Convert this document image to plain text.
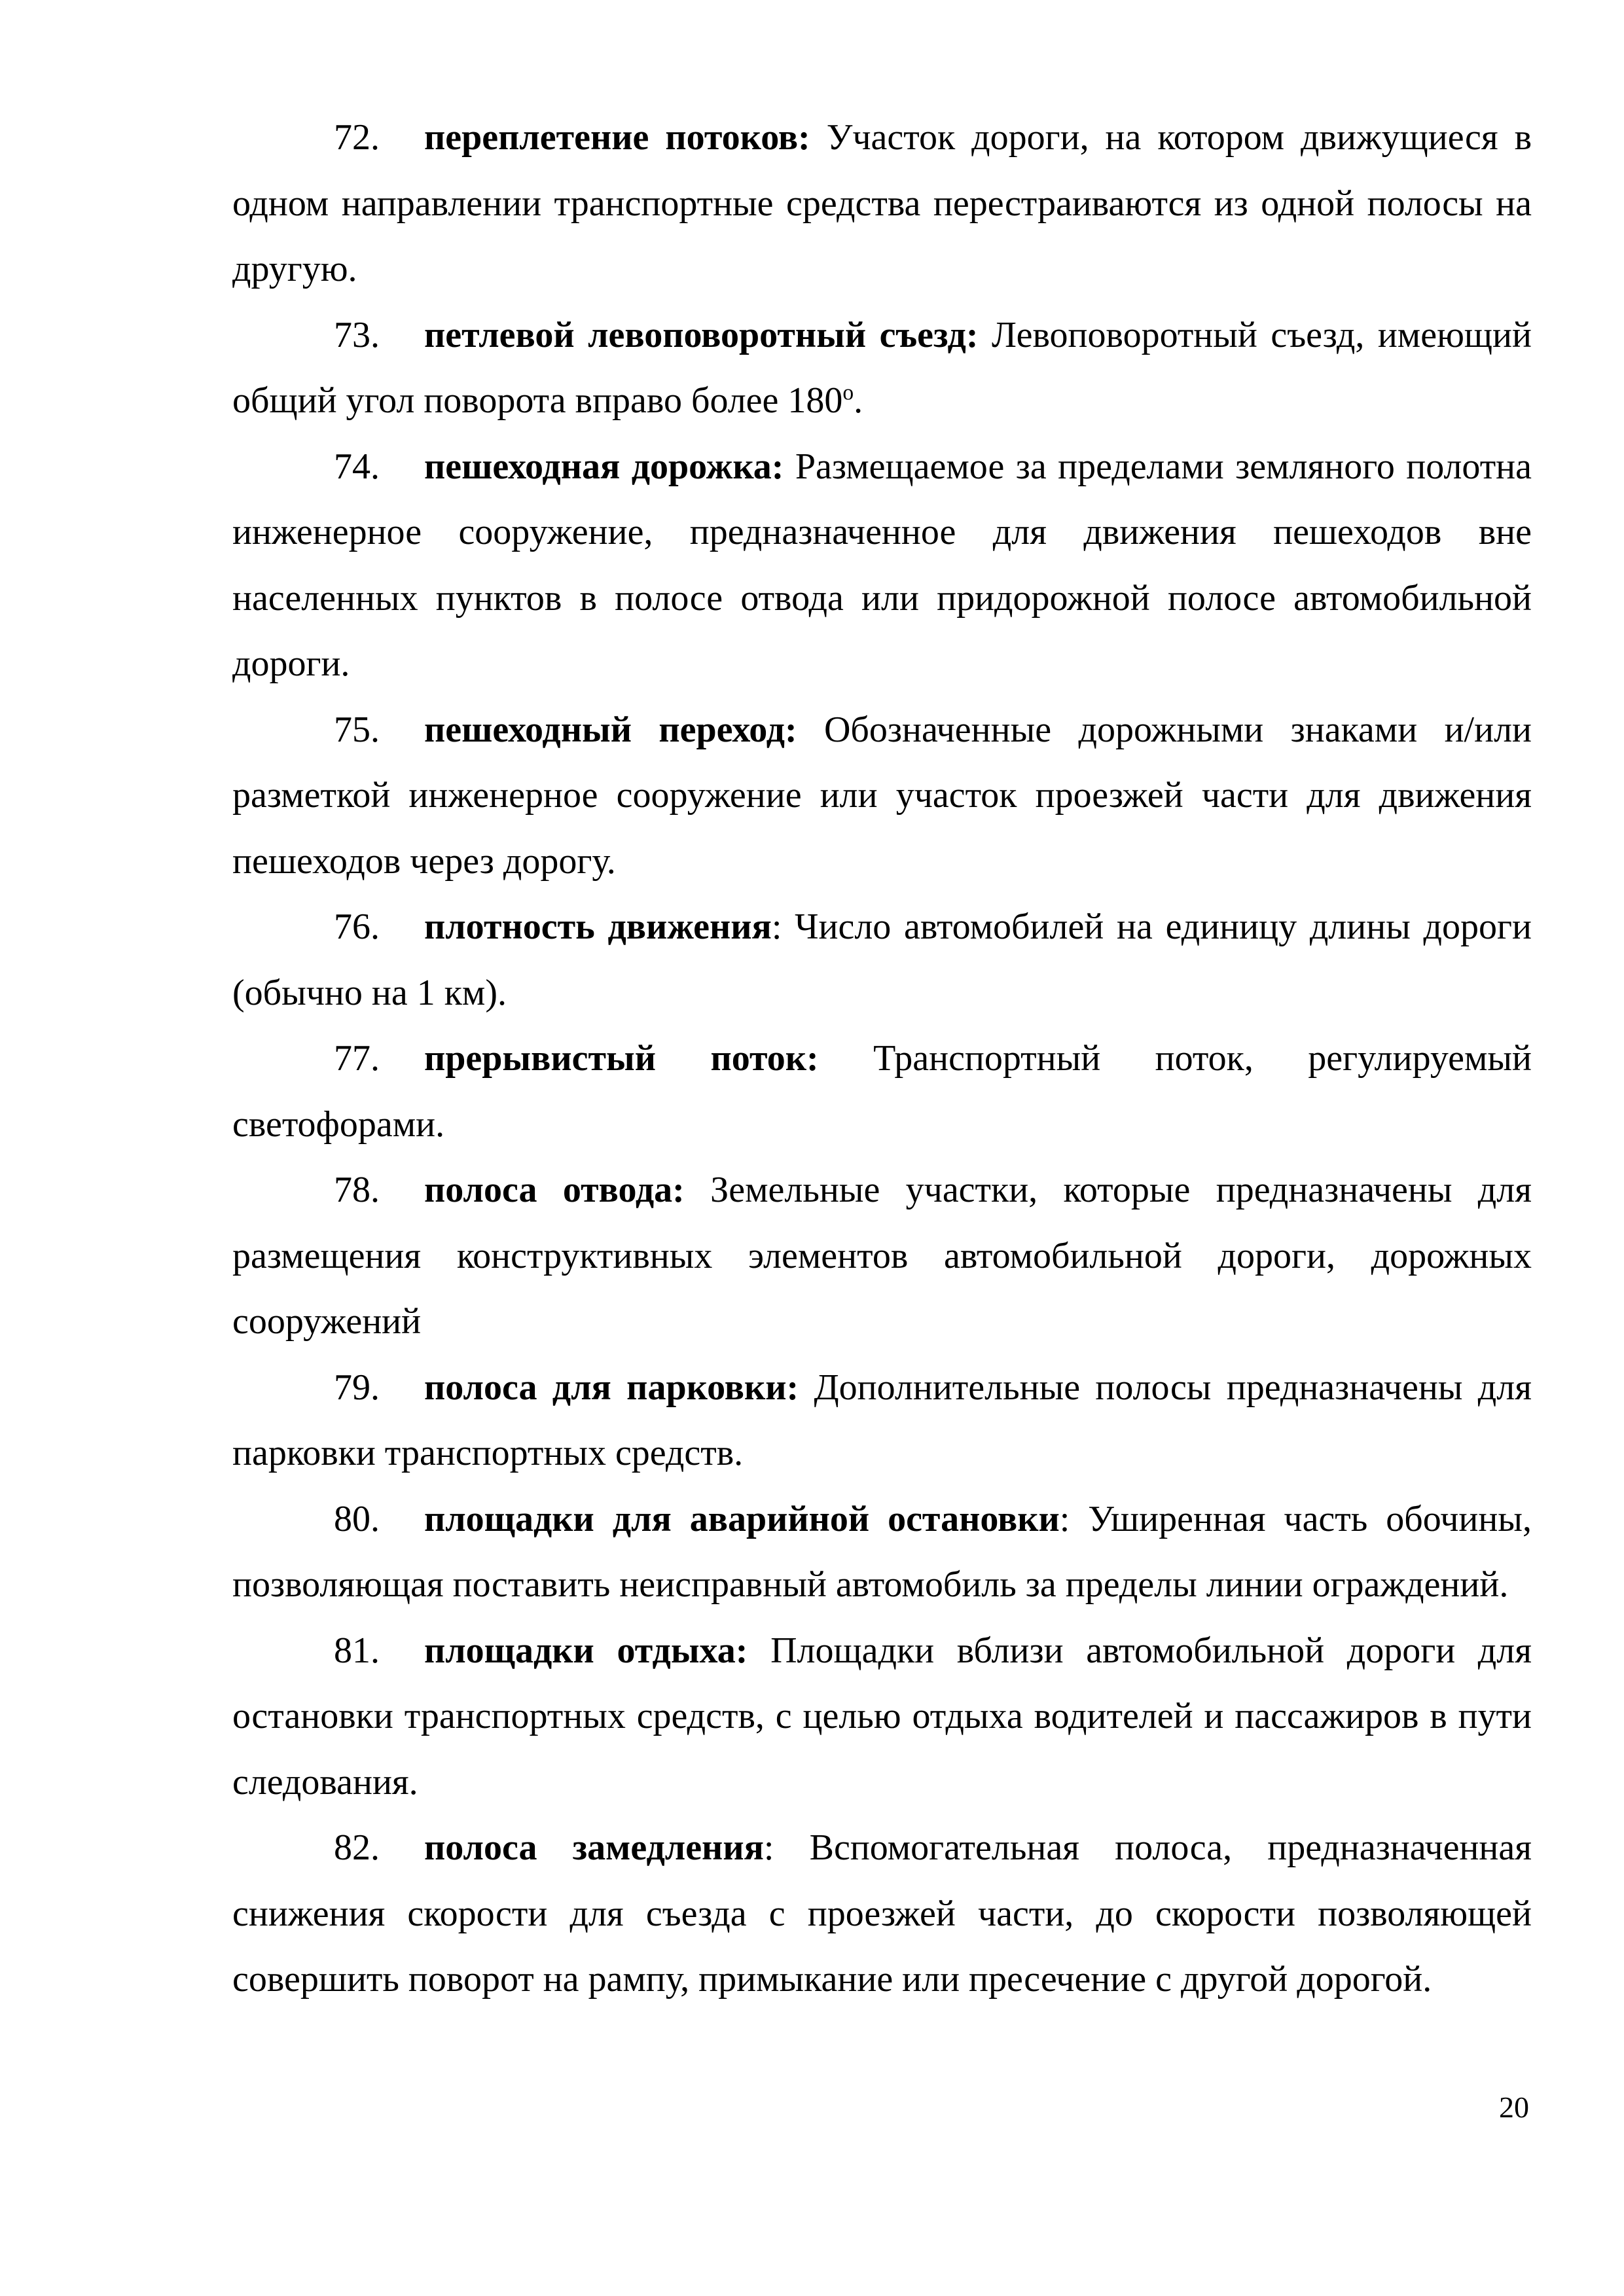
72. переплетение потоков: Участок дороги, на котором движущиеся в одном направлении транспортные средства перестраиваются из одной полосы на другую.

73. петлевой левоповоротный съезд: Левоповоротный съезд, имеющий общий угол поворота вправо более 180$^o$.

74. пешеходная дорожка: Размещаемое за пределами земляного полотна инженерное сооружение, предназначенное для движения пешеходов вне населенных пунктов в полосе отвода или придорожной полосе автомобильной дороги.

75. пешеходный переход: Обозначенные дорожными знаками и/или разметкой инженерное сооружение или участок проезжей части для движения пешеходов через дорогу.

76. плотность движения: Число автомобилей на единицу длины дороги (обычно на 1 км).

77. прерывистый поток: Транспортный поток, регулируемый светофорами.

78. полоса отвода: Земельные участки, которые предназначены для размещения конструктивных элементов автомобильной дороги, дорожных сооружений

79. полоса для парковки: Дополнительные полосы предназначены для парковки транспортных средств.

80. площадки для аварийной остановки: Уширенная часть обочины, позволяющая поставить неисправный автомобиль за пределы линии ограждений.

81. площадки отдыха: Площадки вблизи автомобильной дороги для остановки транспортных средств, с целью отдыха водителей и пассажиров в пути следования.

82. полоса замедления: Вспомогательная полоса, предназначенная снижения скорости для съезда с проезжей части, до скорости позволяющей совершить поворот на рампу, примыкание или пресечение с другой дорогой.

20
